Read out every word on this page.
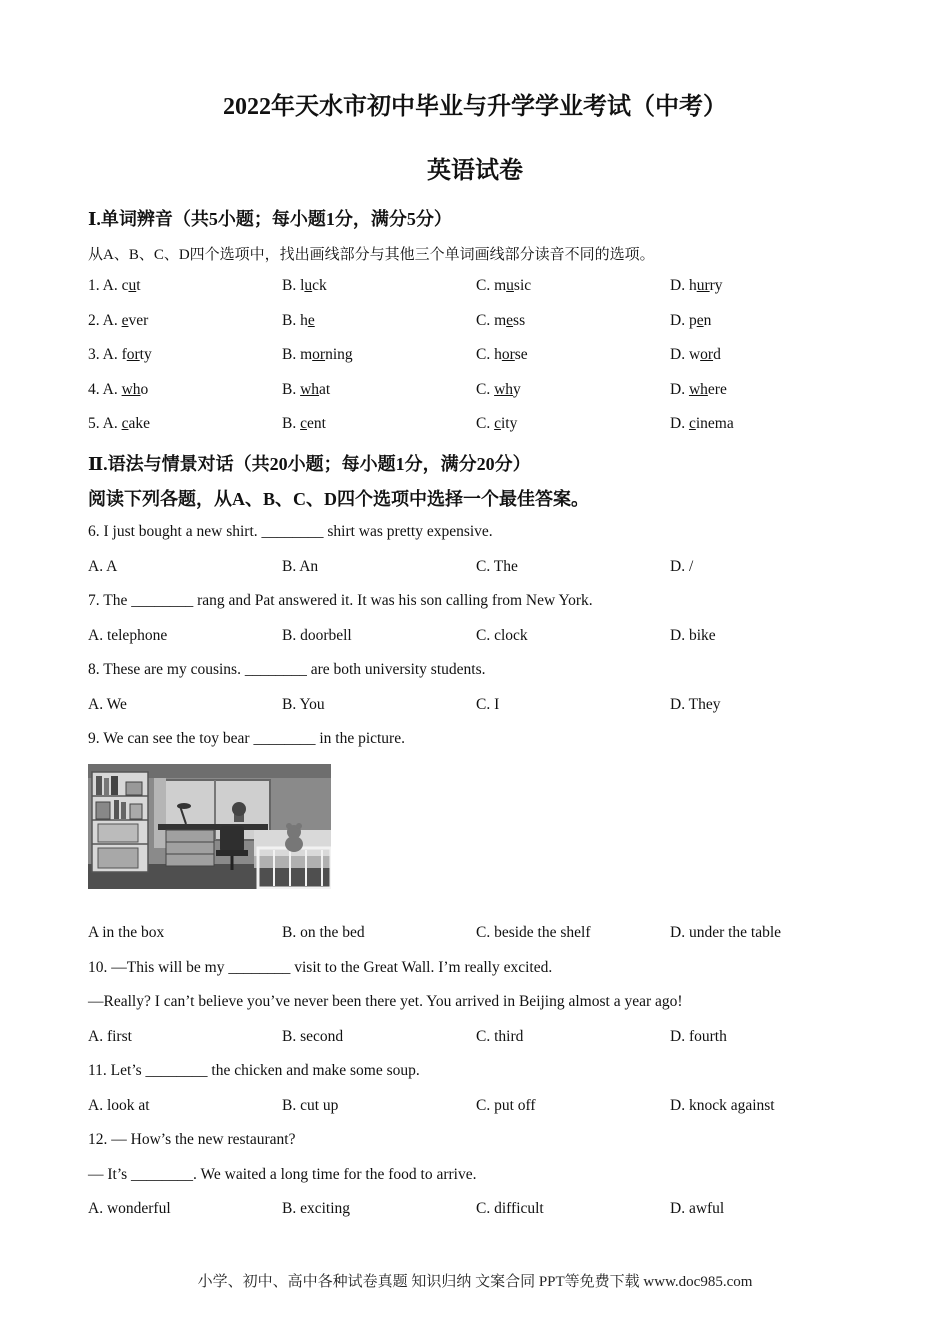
2022年天水市初中毕业与升学学业考试（中考）
英语试卷
Ⅰ.单词辨音（共5小题；每小题1分，满分5分）
从A、B、C、D四个选项中，找出画线部分与其他三个单词画线部分读音不同的选项。
1. A. cut	B. luck	C. music	D. hurry
2. A. ever	B. he	C. mess	D. pen
3. A. forty	B. morning	C. horse	D. word
4. A. who	B. what	C. why	D. where
5. A. cake	B. cent	C. city	D. cinema
Ⅱ.语法与情景对话（共20小题；每小题1分，满分20分）
阅读下列各题，从A、B、C、D四个选项中选择一个最佳答案。
6. I just bought a new shirt. ________ shirt was pretty expensive.
A. A	B. An	C. The	D. /
7. The ________ rang and Pat answered it. It was his son calling from New York.
A. telephone	B. doorbell	C. clock	D. bike
8. These are my cousins. ________ are both university students.
A. We	B. You	C. I	D. They
9. We can see the toy bear ________ in the picture.
A in the box	B. on the bed	C. beside the shelf	D. under the table
10. —This will be my ________ visit to the Great Wall. I’m really excited.
—Really? I can’t believe you’ve never been there yet. You arrived in Beijing almost a year ago!
A. first	B. second	C. third	D. fourth
11. Let’s ________ the chicken and make some soup.
A. look at	B. cut up	C. put off	D. knock against
12. — How’s the new restaurant?
— It’s ________. We waited a long time for the food to arrive.
A. wonderful	B. exciting	C. difficult	D. awful
小学、初中、高中各种试卷真题 知识归纳 文案合同 PPT等免费下载 www.doc985.com
